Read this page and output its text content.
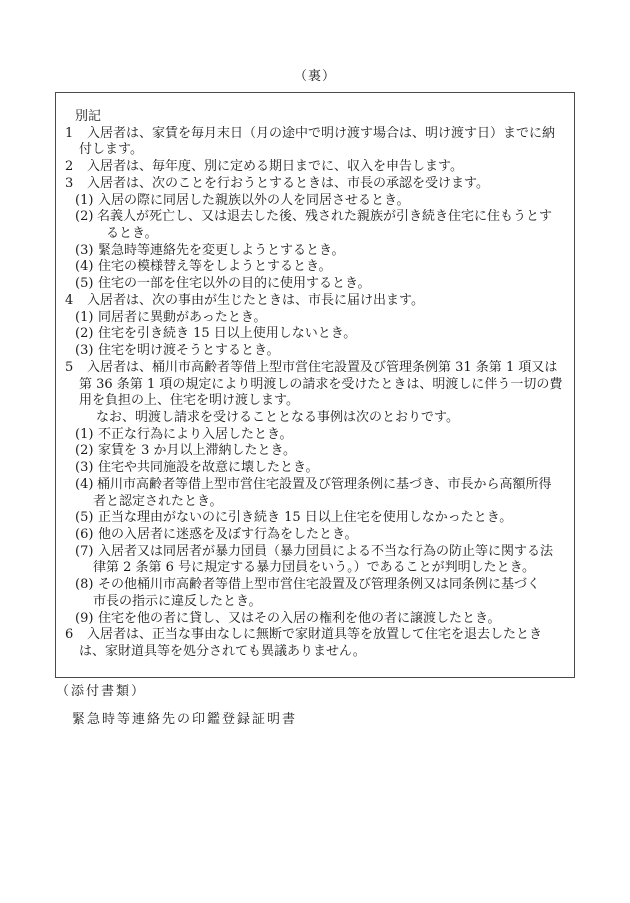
（裏）
別記
1 入居者は、家賃を毎月末日（月の途中で明け渡す場合は、明け渡す日）までに納
付します。
2 入居者は、毎年度、別に定める期日までに、収入を申告します。
3 入居者は、次のことを行おうとするときは、市長の承認を受けます。
(1) 入居の際に同居した親族以外の人を同居させるとき。
(2) 名義人が死亡し、又は退去した後、残された親族が引き続き住宅に住もうとす
るとき。
(3) 緊急時等連絡先を変更しようとするとき。
(4) 住宅の模様替え等をしようとするとき。
(5) 住宅の一部を住宅以外の目的に使用するとき。
4 入居者は、次の事由が生じたときは、市長に届け出ます。
(1) 同居者に異動があったとき。
(2) 住宅を引き続き 15 日以上使用しないとき。
(3) 住宅を明け渡そうとするとき。
5 入居者は、桶川市高齢者等借上型市営住宅設置及び管理条例第 31 条第 1 項又は
第 36 条第 1 項の規定により明渡しの請求を受けたときは、明渡しに伴う一切の費
用を負担の上、住宅を明け渡します。
なお、明渡し請求を受けることとなる事例は次のとおりです。
(1) 不正な行為により入居したとき。
(2) 家賃を 3 か月以上滞納したとき。
(3) 住宅や共同施設を故意に壊したとき。
(4) 桶川市高齢者等借上型市営住宅設置及び管理条例に基づき、市長から高額所得
者と認定されたとき。
(5) 正当な理由がないのに引き続き 15 日以上住宅を使用しなかったとき。
(6) 他の入居者に迷惑を及ぼす行為をしたとき。
(7) 入居者又は同居者が暴力団員（暴力団員による不当な行為の防止等に関する法
律第 2 条第 6 号に規定する暴力団員をいう。）であることが判明したとき。
(8) その他桶川市高齢者等借上型市営住宅設置及び管理条例又は同条例に基づく
市長の指示に違反したとき。
(9) 住宅を他の者に貸し、又はその入居の権利を他の者に譲渡したとき。
6 入居者は、正当な事由なしに無断で家財道具等を放置して住宅を退去したとき
は、家財道具等を処分されても異議ありません。
（添付書類）
緊急時等連絡先の印鑑登録証明書
